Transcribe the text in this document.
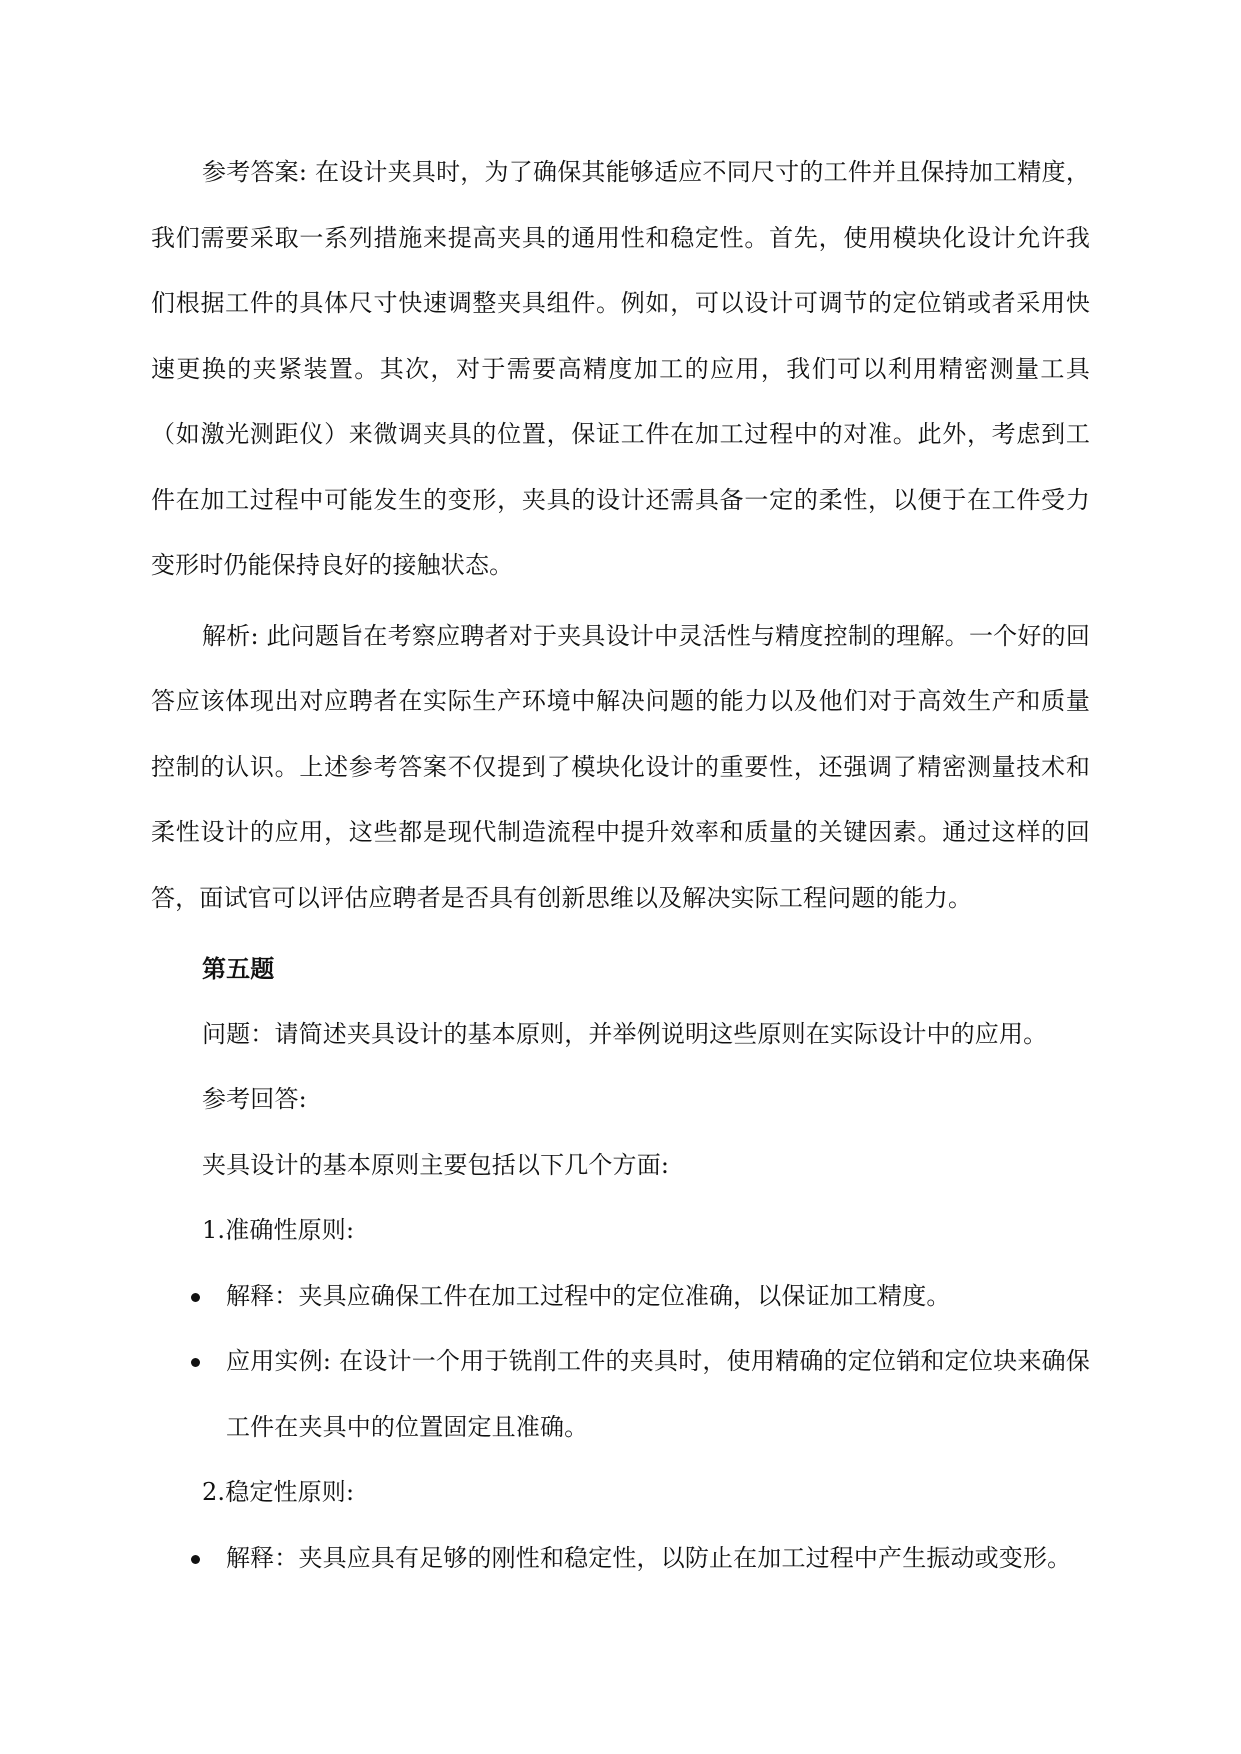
参考答案: 在设计夹具时，为了确保其能够适应不同尺寸的工件并且保持加工精度，我们需要采取一系列措施来提高夹具的通用性和稳定性。首先，使用模块化设计允许我们根据工件的具体尺寸快速调整夹具组件。例如，可以设计可调节的定位销或者采用快速更换的夹紧装置。其次，对于需要高精度加工的应用，我们可以利用精密测量工具（如激光测距仪）来微调夹具的位置，保证工件在加工过程中的对准。此外，考虑到工件在加工过程中可能发生的变形，夹具的设计还需具备一定的柔性，以便于在工件受力变形时仍能保持良好的接触状态。

解析: 此问题旨在考察应聘者对于夹具设计中灵活性与精度控制的理解。一个好的回答应该体现出对应聘者在实际生产环境中解决问题的能力以及他们对于高效生产和质量控制的认识。上述参考答案不仅提到了模块化设计的重要性，还强调了精密测量技术和柔性设计的应用，这些都是现代制造流程中提升效率和质量的关键因素。通过这样的回答，面试官可以评估应聘者是否具有创新思维以及解决实际工程问题的能力。

第五题

问题：请简述夹具设计的基本原则，并举例说明这些原则在实际设计中的应用。

参考回答:

夹具设计的基本原则主要包括以下几个方面:

1.准确性原则:

解释：夹具应确保工件在加工过程中的定位准确，以保证加工精度。
应用实例: 在设计一个用于铣削工件的夹具时，使用精确的定位销和定位块来确保工件在夹具中的位置固定且准确。

2.稳定性原则:

解释：夹具应具有足够的刚性和稳定性，以防止在加工过程中产生振动或变形。
